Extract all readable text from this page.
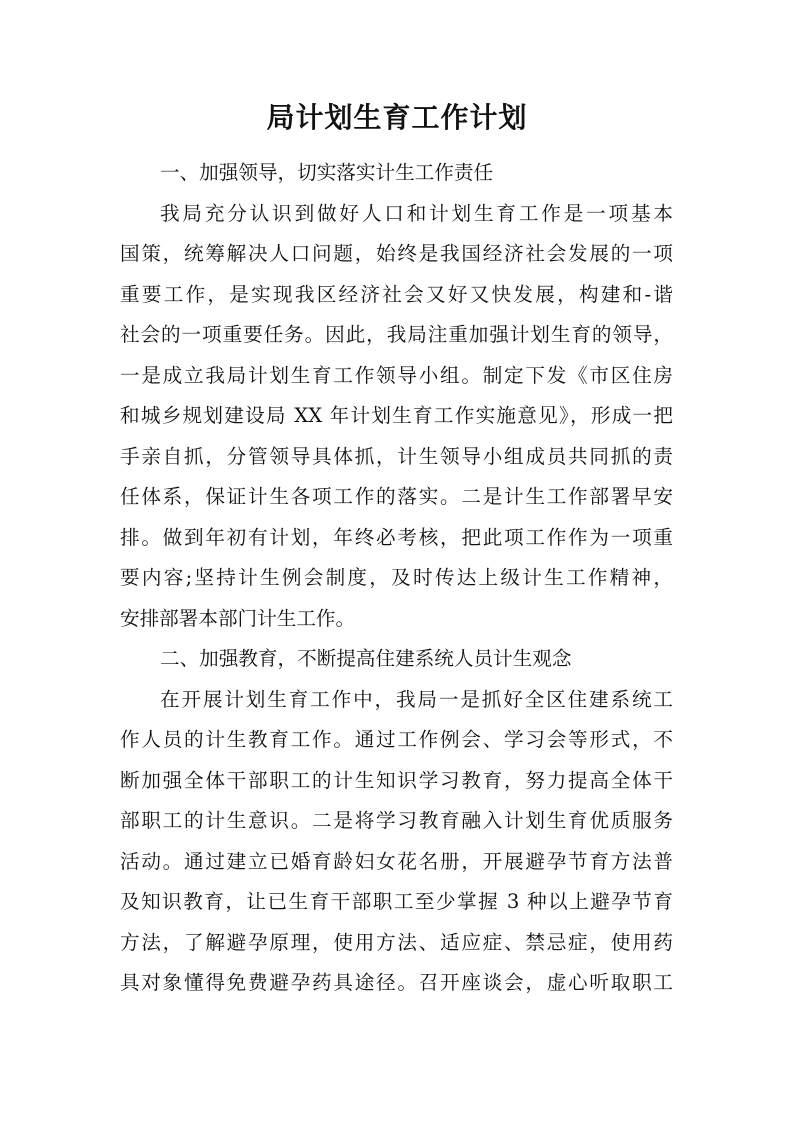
局计划生育工作计划
一、加强领导，切实落实计生工作责任
我局充分认识到做好人口和计划生育工作是一项基本
国策，统筹解决人口问题，始终是我国经济社会发展的一项
重要工作，是实现我区经济社会又好又快发展，构建和-谐
社会的一项重要任务。因此，我局注重加强计划生育的领导，
一是成立我局计划生育工作领导小组。制定下发《市区住房
和城乡规划建设局 XX 年计划生育工作实施意见》，形成一把
手亲自抓，分管领导具体抓，计生领导小组成员共同抓的责
任体系，保证计生各项工作的落实。二是计生工作部署早安
排。做到年初有计划，年终必考核，把此项工作作为一项重
要内容;坚持计生例会制度，及时传达上级计生工作精神，
安排部署本部门计生工作。
二、加强教育，不断提高住建系统人员计生观念
在开展计划生育工作中，我局一是抓好全区住建系统工
作人员的计生教育工作。通过工作例会、学习会等形式，不
断加强全体干部职工的计生知识学习教育，努力提高全体干
部职工的计生意识。二是将学习教育融入计划生育优质服务
活动。通过建立已婚育龄妇女花名册，开展避孕节育方法普
及知识教育，让已生育干部职工至少掌握 3 种以上避孕节育
方法，了解避孕原理，使用方法、适应症、禁忌症，使用药
具对象懂得免费避孕药具途径。召开座谈会，虚心听取职工
